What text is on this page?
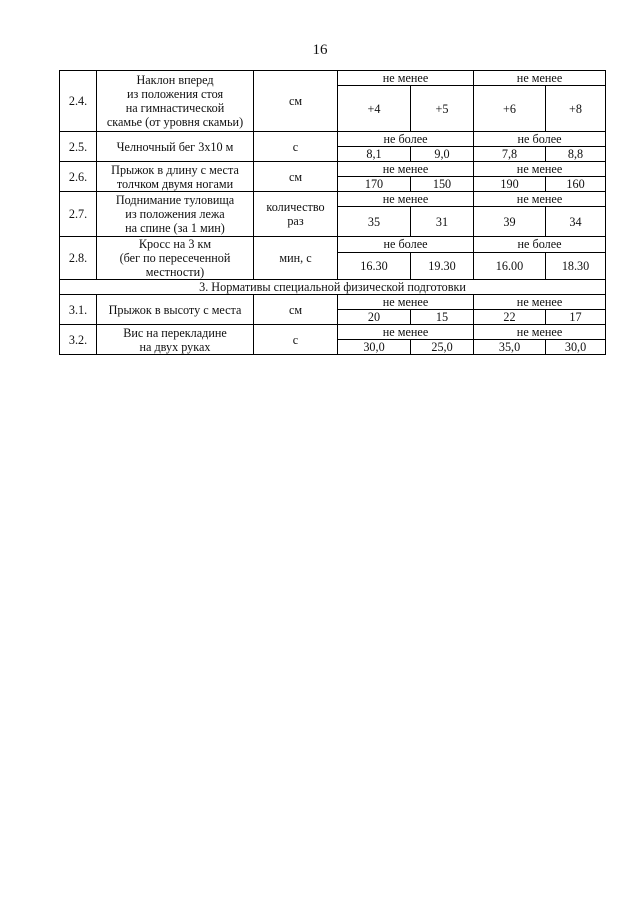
16
2.4.	Наклон вперед
из положения стоя
на гимнастической
скамье (от уровня скамьи)	см	не менее		не менее	
			+4	+5	+6	+8
2.5.	Челночный бег 3х10 м	с	не более		не более	
			8,1	9,0	7,8	8,8
2.6.	Прыжок в длину с места
толчком двумя ногами	см	не менее		не менее	
			170	150	190	160
2.7.	Поднимание туловища
из положения лежа
на спине (за 1 мин)	количество
раз	не менее		не менее	
			35	31	39	34
2.8.	Кросс на 3 км
(бег по пересеченной
местности)	мин, с	не более		не более	
			16.30	19.30	16.00	18.30
3. Нормативы специальной физической подготовки						
3.1.	Прыжок в высоту с места	см	не менее		не менее	
			20	15	22	17
3.2.	Вис на перекладине
на двух руках	с	не менее		не менее	
			30,0	25,0	35,0	30,0
